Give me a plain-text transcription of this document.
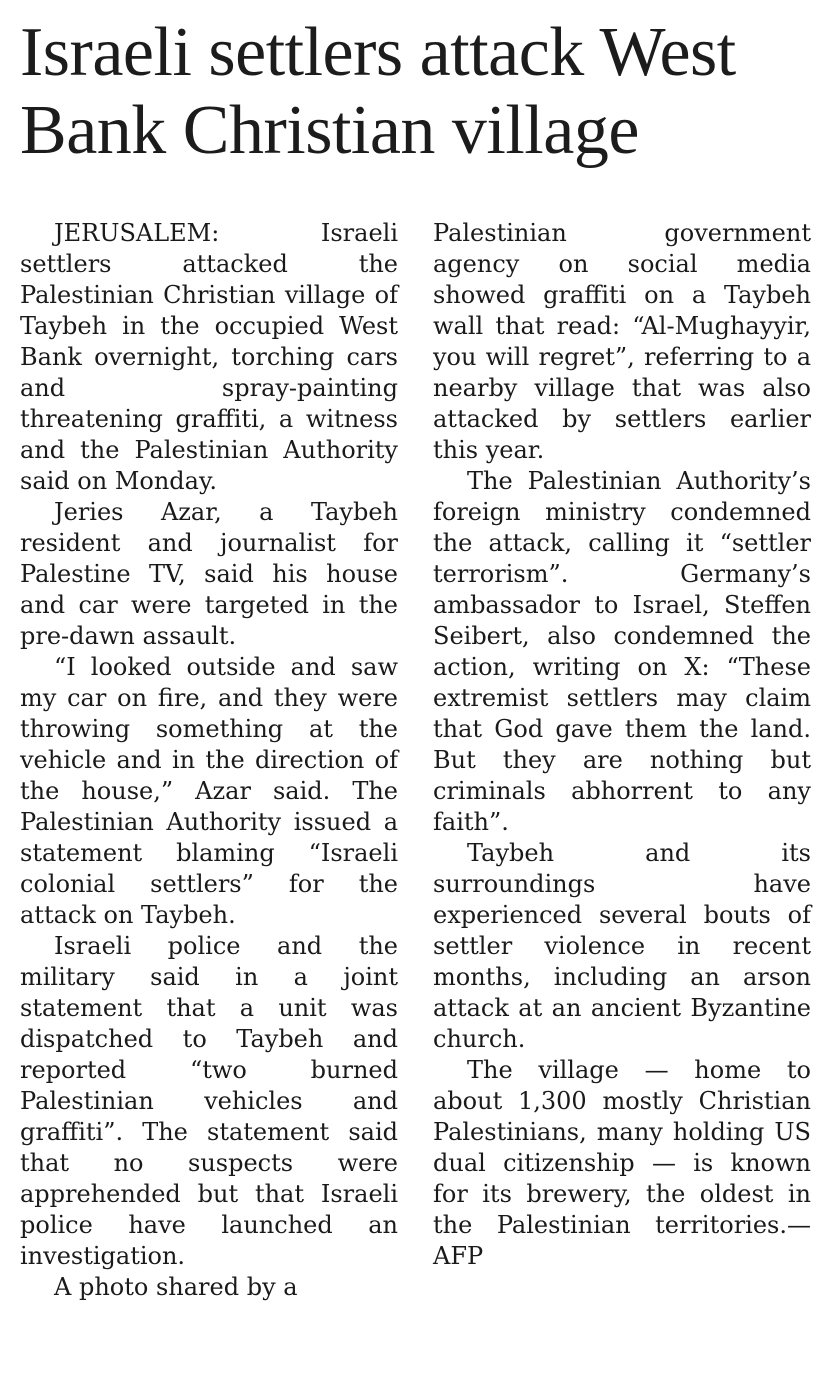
Israeli settlers attack West Bank Christian village

JERUSALEM: Israeli settlers attacked the Palestinian Christian village of Taybeh in the occupied West Bank overnight, torching cars and spray-painting threatening graffiti, a witness and the Palestinian Authority said on Monday.

Jeries Azar, a Taybeh resident and journalist for Palestine TV, said his house and car were targeted in the pre-dawn assault.

“I looked outside and saw my car on fire, and they were throwing something at the vehicle and in the direction of the house,” Azar said. The Palestinian Authority issued a statement blaming “Israeli colonial settlers” for the attack on Taybeh.

Israeli police and the military said in a joint statement that a unit was dispatched to Taybeh and reported “two burned Palestinian vehicles and graffiti”. The statement said that no suspects were apprehended but that Israeli police have launched an investigation.

A photo shared by a

Palestinian government agency on social media showed graffiti on a Taybeh wall that read: “Al-Mughayyir, you will regret”, referring to a nearby village that was also attacked by settlers earlier this year.

The Palestinian Authority’s foreign ministry condemned the attack, calling it “settler terrorism”. Germany’s ambassador to Israel, Steffen Seibert, also condemned the action, writing on X: “These extremist settlers may claim that God gave them the land. But they are nothing but criminals abhorrent to any faith”.

Taybeh and its surroundings have experienced several bouts of settler violence in recent months, including an arson attack at an ancient Byzantine church.

The village — home to about 1,300 mostly Christian Palestinians, many holding US dual citizenship — is known for its brewery, the oldest in the Palestinian territories.—AFP
